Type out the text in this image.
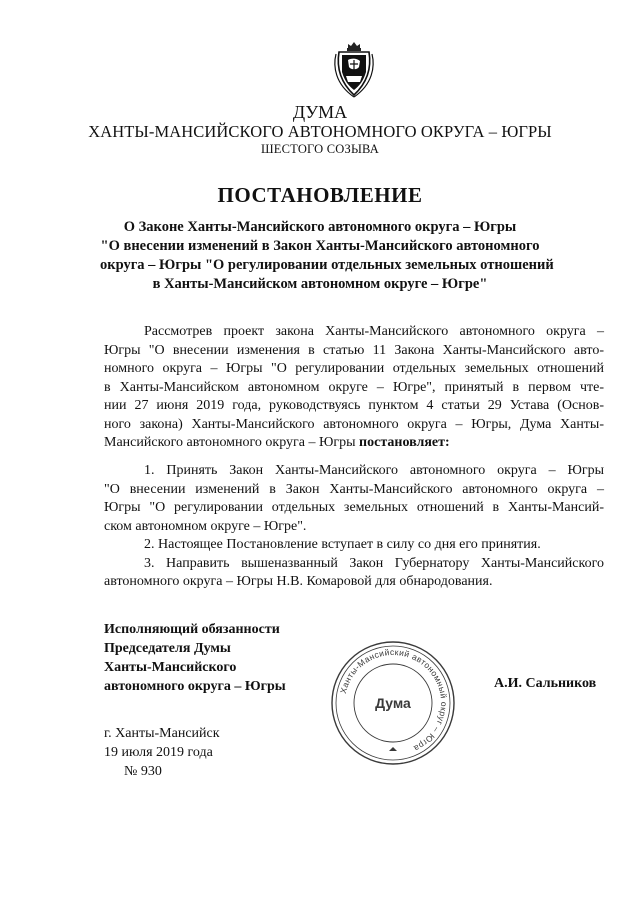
ДУМА
ХАНТЫ-МАНСИЙСКОГО АВТОНОМНОГО ОКРУГА – ЮГРЫ
ШЕСТОГО СОЗЫВА
ПОСТАНОВЛЕНИЕ
О Законе Ханты-Мансийского автономного округа – Югры
"О внесении изменений в Закон Ханты-Мансийского автономного
округа – Югры "О регулировании отдельных земельных отношений
в Ханты-Мансийском автономном округе – Югре"
Рассмотрев проект закона Ханты-Мансийского автономного округа –
Югры "О внесении изменения в статью 11 Закона Ханты-Мансийского авто-
номного округа – Югры "О регулировании отдельных земельных отношений
в Ханты-Мансийском автономном округе – Югре", принятый в первом чте-
нии 27 июня 2019 года, руководствуясь пунктом 4 статьи 29 Устава (Основ-
ного закона) Ханты-Мансийского автономного округа – Югры, Дума Ханты-
Мансийского автономного округа – Югры постановляет:
1. Принять Закон Ханты-Мансийского автономного округа – Югры
"О внесении изменений в Закон Ханты-Мансийского автономного округа –
Югры "О регулировании отдельных земельных отношений в Ханты-Мансий-
ском автономном округе – Югре".
2. Настоящее Постановление вступает в силу со дня его принятия.
3. Направить вышеназванный Закон Губернатору Ханты-Мансийского
автономного округа – Югры Н.В. Комаровой для обнародования.
Исполняющий обязанности
Председателя Думы
Ханты-Мансийского
автономного округа – Югры	Ханты-Мансийский автономный округ – Югра
Дума
А.И. Сальников
г. Ханты-Мансийск
19 июля 2019 года
№ 930
